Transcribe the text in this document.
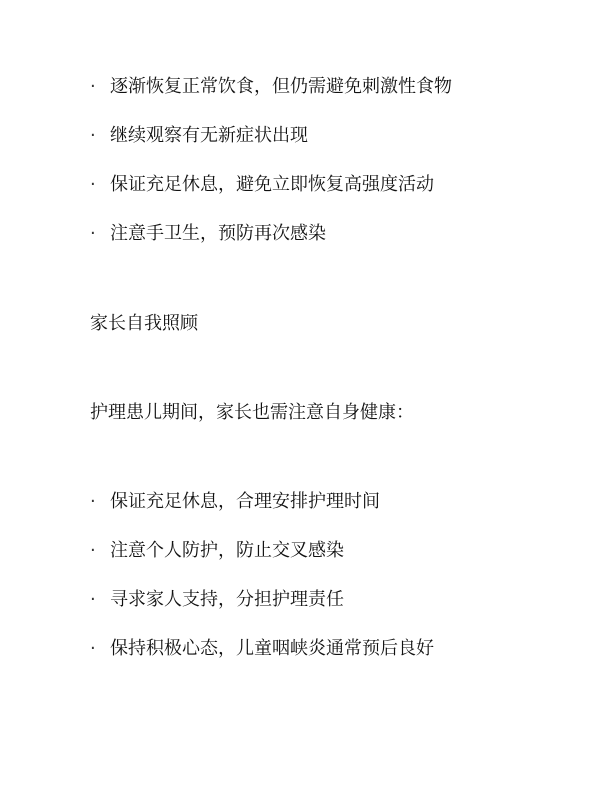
· 逐渐恢复正常饮食，但仍需避免刺激性食物
· 继续观察有无新症状出现
· 保证充足休息，避免立即恢复高强度活动
· 注意手卫生，预防再次感染
家长自我照顾
护理患儿期间，家长也需注意自身健康：
· 保证充足休息，合理安排护理时间
· 注意个人防护，防止交叉感染
· 寻求家人支持，分担护理责任
· 保持积极心态，儿童咽峡炎通常预后良好
